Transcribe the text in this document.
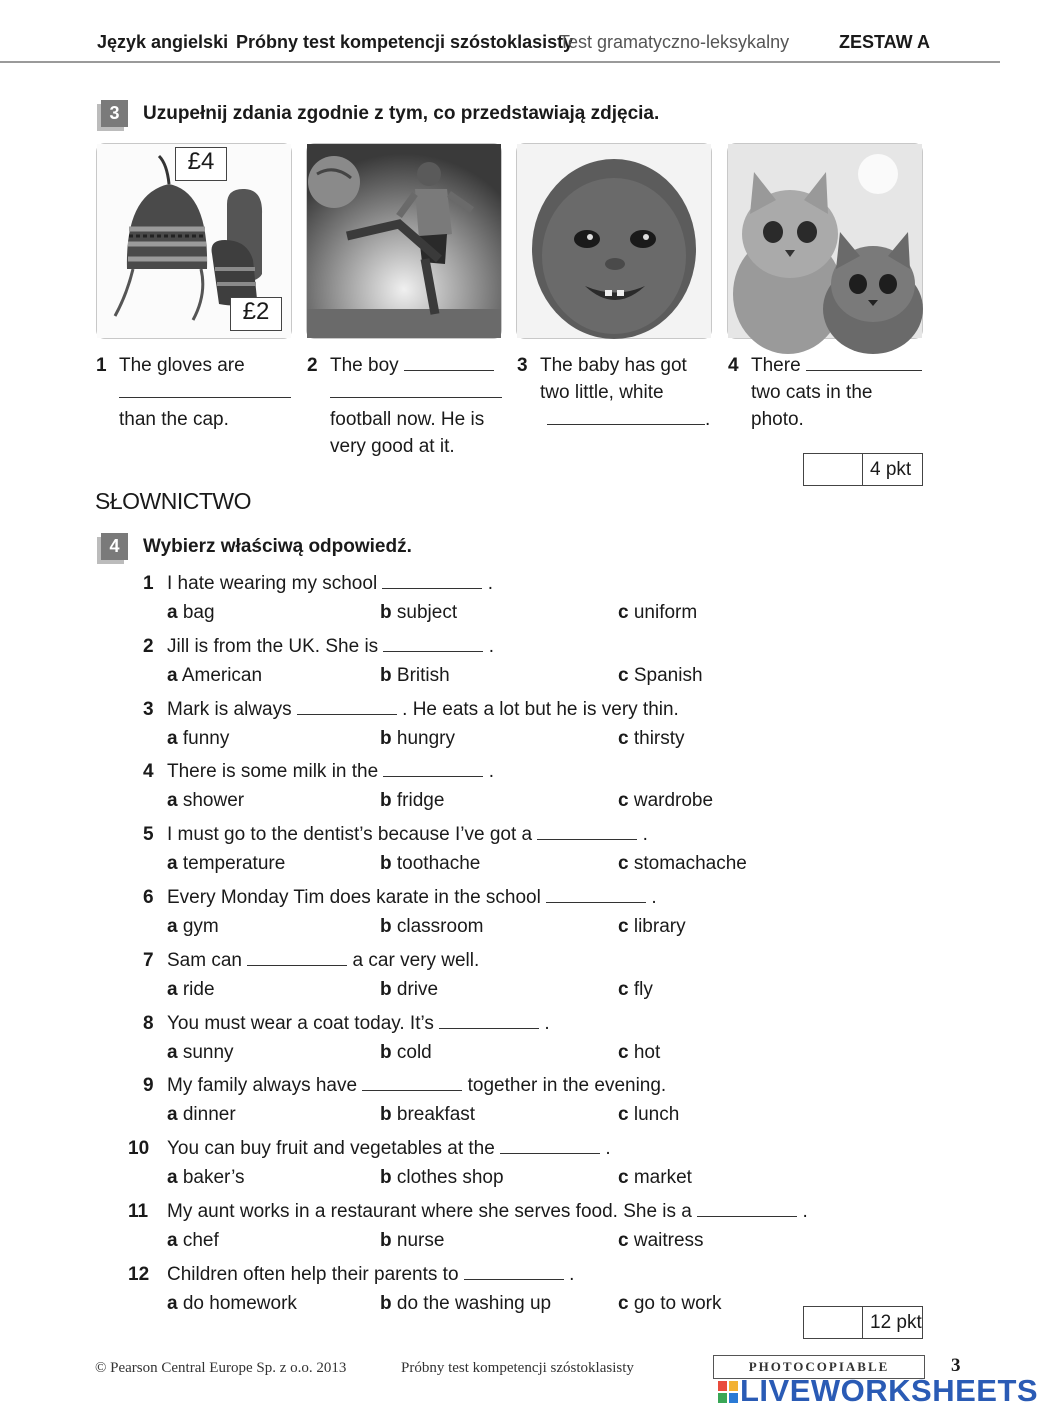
Język angielski Próbny test kompetencji szóstoklasisty
Test gramatyczno-leksykalny	ZESTAW A
3	Uzupełnij zdania zgodnie z tym, co przedstawiają zdjęcia.
£4
£2
1 The gloves are
than the cap.
2 The boy
football now. He is
very good at it.
3 The baby has got
two little, white
.
4 There
two cats in the
photo.
4 pkt
SŁOWNICTWO
4	Wybierz właściwą odpowiedź.
1 I hate wearing my school	.
a bag	b subject	c uniform
2 Jill is from the UK. She is	.
a American	b British	c Spanish
3 Mark is always	. He eats a lot but he is very thin.
a funny	b hungry	c thirsty
4 There is some milk in the	.
a shower	b fridge	c wardrobe
5 I must go to the dentist’s because I’ve got a	.
a temperature	b toothache	c stomachache
6 Every Monday Tim does karate in the school	.
a gym	b classroom	c library
7 Sam can	a car very well.
a ride	b drive	c fly
8 You must wear a coat today. It’s	.
a sunny	b cold	c hot
9 My family always have	together in the evening.
a dinner	b breakfast	c lunch
10 You can buy fruit and vegetables at the	.
a baker’s	b clothes shop	c market
11 My aunt works in a restaurant where she serves food. She is a	.
a chef	b nurse	c waitress
12 Children often help their parents to	.
a do homework	b do the washing up	c go to work
12 pkt
© Pearson Central Europe Sp. z o.o. 2013	Próbny test kompetencji szóstoklasisty	PHOTOCOPIABLE	3
LIVEWORKSHEETS
